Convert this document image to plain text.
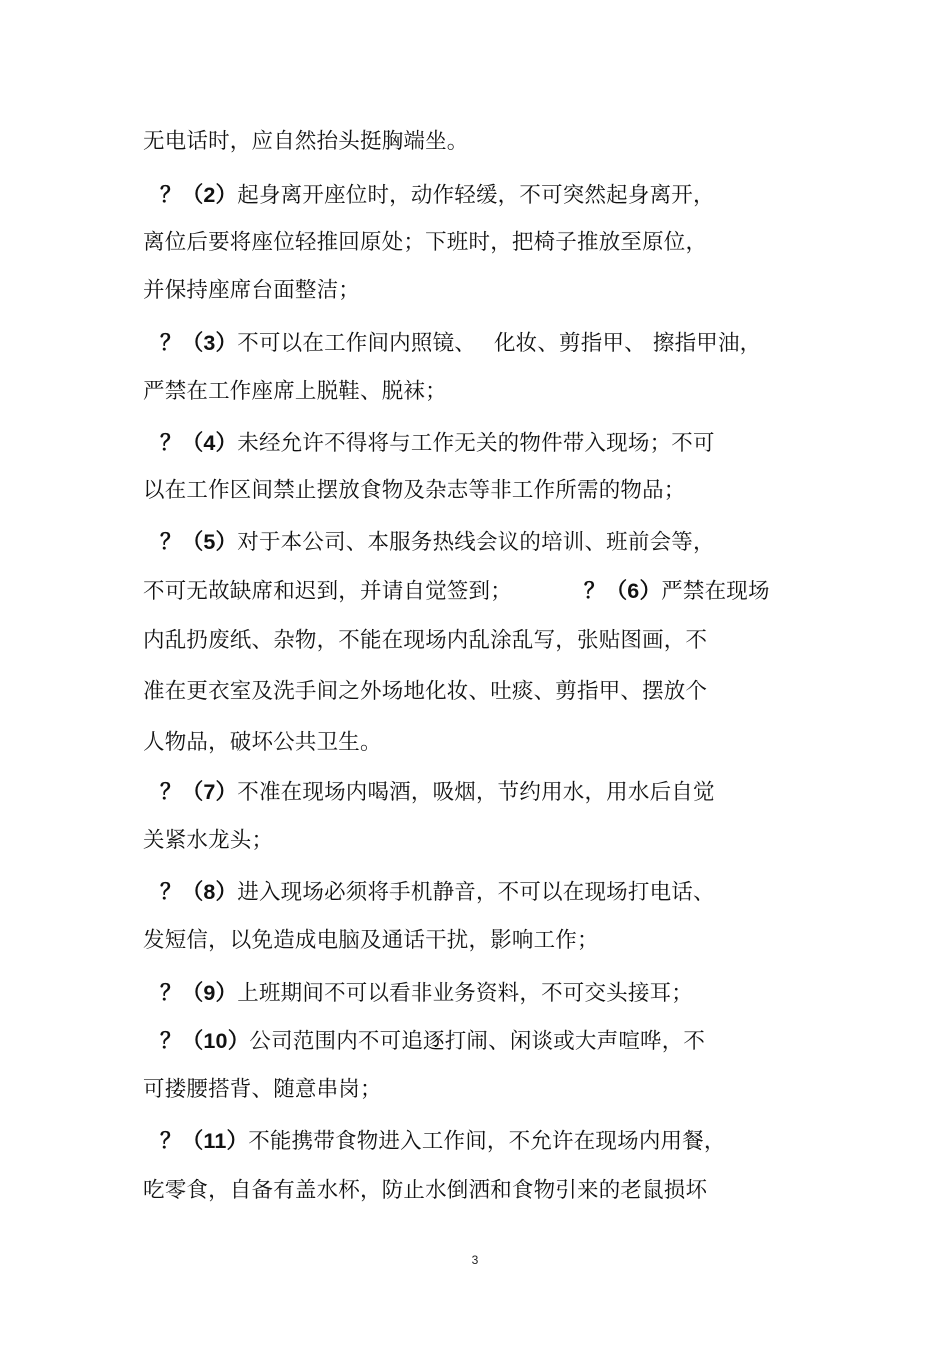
无电话时，应自然抬头挺胸端坐。
？（2）起身离开座位时，动作轻缓，不可突然起身离开，
离位后要将座位轻推回原处；下班时，把椅子推放至原位，
并保持座席台面整洁；
？（3）不可以在工作间内照镜、　 化妆、剪指甲、 擦指甲油，
严禁在工作座席上脱鞋、脱袜；
？（4）未经允许不得将与工作无关的物件带入现场；不可
以在工作区间禁止摆放食物及杂志等非工作所需的物品；
？（5）对于本公司、本服务热线会议的培训、班前会等，
不可无故缺席和迟到，并请自觉签到；	？（6）严禁在现场
内乱扔废纸、杂物，不能在现场内乱涂乱写，张贴图画，不
准在更衣室及洗手间之外场地化妆、吐痰、剪指甲、摆放个
人物品，破坏公共卫生。
？（7）不准在现场内喝酒，吸烟，节约用水，用水后自觉
关紧水龙头；
？（8）进入现场必须将手机静音，不可以在现场打电话、
发短信，以免造成电脑及通话干扰，影响工作；
？（9）上班期间不可以看非业务资料，不可交头接耳；
？（10）公司范围内不可追逐打闹、闲谈或大声喧哗，不
可搂腰搭背、随意串岗；
？（11）不能携带食物进入工作间，不允许在现场内用餐，
吃零食，自备有盖水杯，防止水倒洒和食物引来的老鼠损坏
3
